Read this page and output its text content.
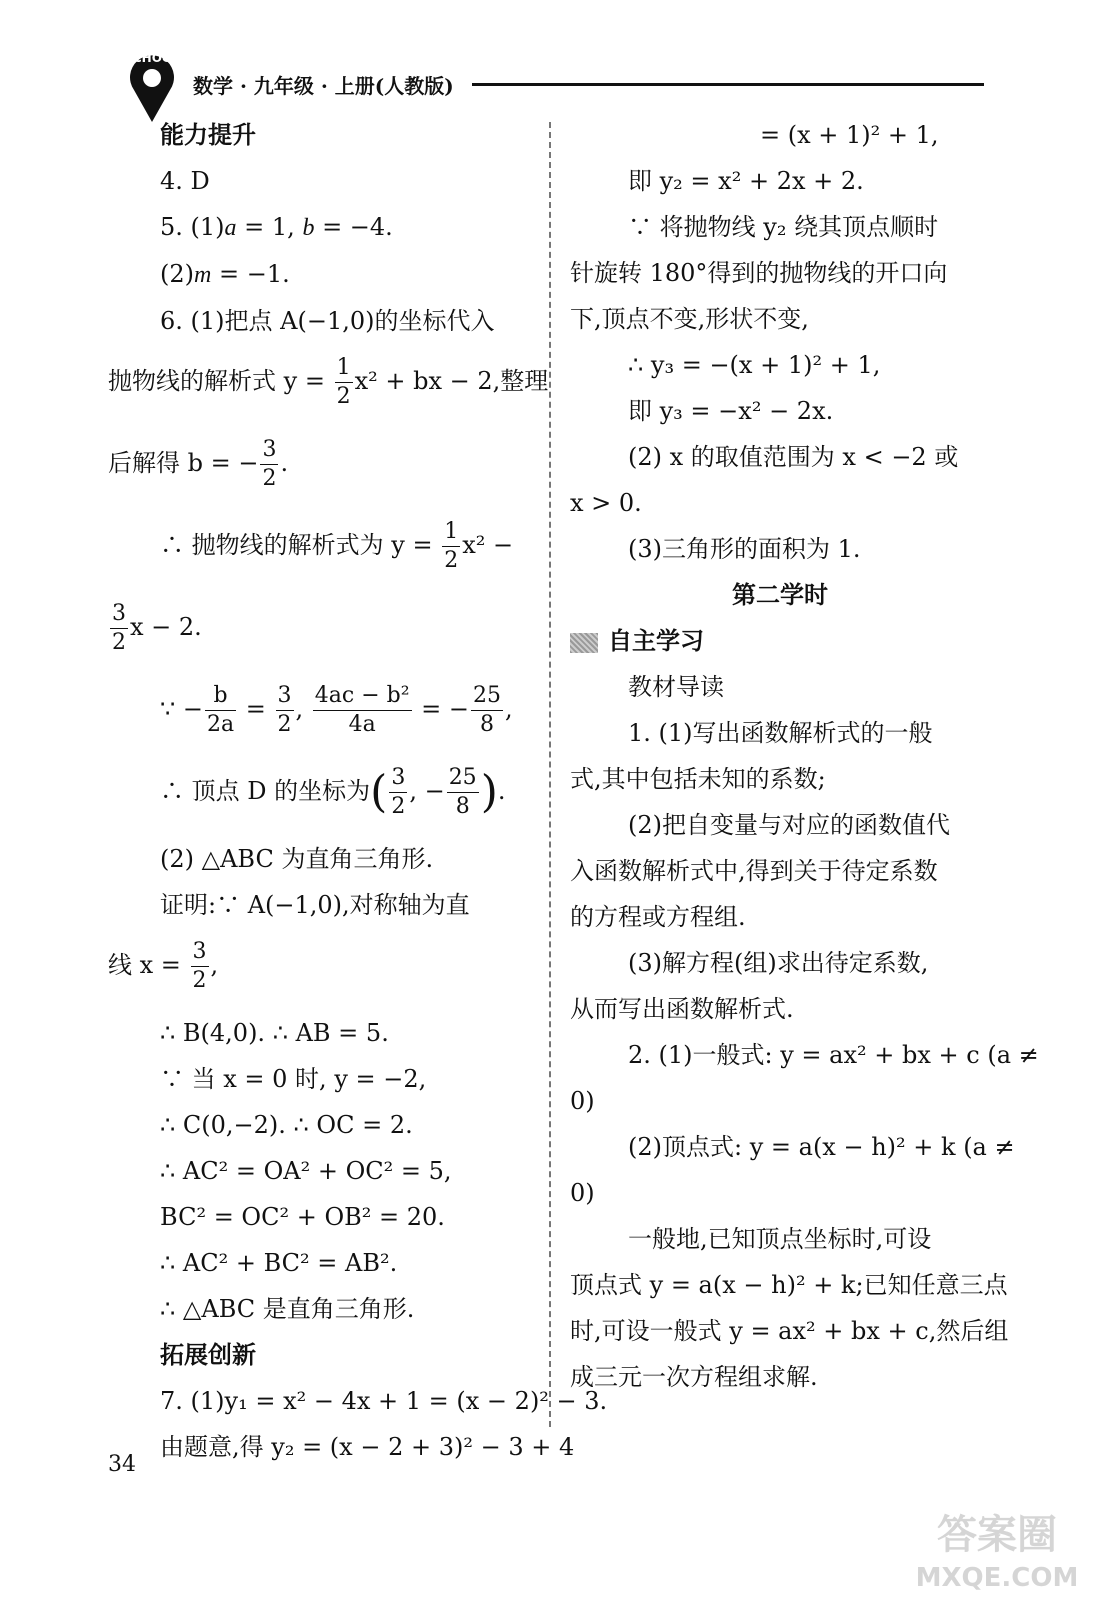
SCHOOL
数学 · 九年级 · 上册(人教版)
能力提升
4. D
5. (1)a = 1, b = −4.
(2)m = −1.
6. (1)把点 A(−1,0)的坐标代入
抛物线的解析式 $y = \frac{1}{2} x^2$ + bx − 2,整理
后解得 b = − $\frac{3}{2}$ .
∴ 抛物线的解析式为 $y = \frac{1}{2} x^2$ −
$\frac{3}{2}$ x − 2.
∵ − $\frac{b}{2a} = \frac{3}{2}$ , $\frac{\text{4ac − b²}}{4a}$ = − $\frac{25}{8}$ ,
∴ 顶点 D 的坐标为( $\frac{3}{2}$ , − $\frac{25}{8}$ ).
(2) △ABC 为直角三角形.
证明:∵ A(−1,0),对称轴为直
线 $x = \frac{3}{2}$ ,
∴ B(4,0). ∴ AB = 5.
∵ 当 x = 0 时, y = −2,
∴ C(0,−2). ∴ OC = 2.
∴ AC² = OA² + OC² = 5,
BC² = OC² + OB² = 20.
∴ AC² + BC² = AB².
∴ △ABC 是直角三角形.
拓展创新
7. (1)y₁ = x² − 4x + 1 = (x − 2)² − 3.
由题意,得 y₂ = (x − 2 + 3)² − 3 + 4
= (x + 1)² + 1,
即 y₂ = x² + 2x + 2.
∵ 将抛物线 y₂ 绕其顶点顺时
针旋转 180°得到的抛物线的开口向
下,顶点不变,形状不变,
∴ y₃ = −(x + 1)² + 1,
即 y₃ = −x² − 2x.
(2) x 的取值范围为 x < −2 或
x > 0.
(3)三角形的面积为 1.
第二学时
自主学习
教材导读
1. (1)写出函数解析式的一般
式,其中包括未知的系数;
(2)把自变量与对应的函数值代
入函数解析式中,得到关于待定系数
的方程或方程组.
(3)解方程(组)求出待定系数,
从而写出函数解析式.
2. (1)一般式: y = ax² + bx + c (a ≠
0)
(2)顶点式: y = a(x − h)² + k (a ≠
0)
一般地,已知顶点坐标时,可设
顶点式 y = a(x − h)² + k;已知任意三点
时,可设一般式 y = ax² + bx + c,然后组
成三元一次方程组求解.
34
答案圈
MXQE.COM
